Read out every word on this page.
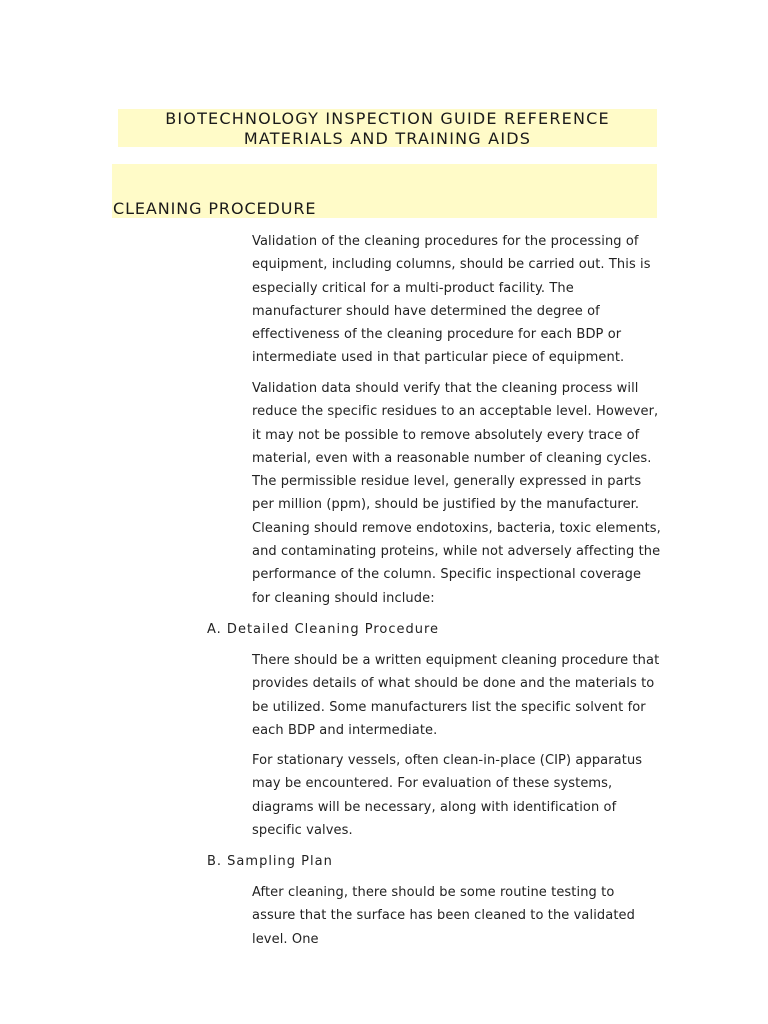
BIOTECHNOLOGY INSPECTION GUIDE REFERENCE

MATERIALS AND TRAINING AIDS

CLEANING PROCEDURE

Validation of the cleaning procedures for the processing of equipment, including columns, should be carried out. This is especially critical for a multi-product facility. The manufacturer should have determined the degree of effectiveness of the cleaning procedure for each BDP or intermediate used in that particular piece of equipment.

Validation data should verify that the cleaning process will reduce the specific residues to an acceptable level. However, it may not be possible to remove absolutely every trace of material, even with a reasonable number of cleaning cycles. The permissible residue level, generally expressed in parts per million (ppm), should be justified by the manufacturer. Cleaning should remove endotoxins, bacteria, toxic elements, and contaminating proteins, while not adversely affecting the performance of the column. Specific inspectional coverage for cleaning should include:

A. Detailed Cleaning Procedure

There should be a written equipment cleaning procedure that provides details of what should be done and the materials to be utilized. Some manufacturers list the specific solvent for each BDP and intermediate.

For stationary vessels, often clean-in-place (CIP) apparatus may be encountered. For evaluation of these systems, diagrams will be necessary, along with identification of specific valves.

B. Sampling Plan

After cleaning, there should be some routine testing to assure that the surface has been cleaned to the validated level. One
